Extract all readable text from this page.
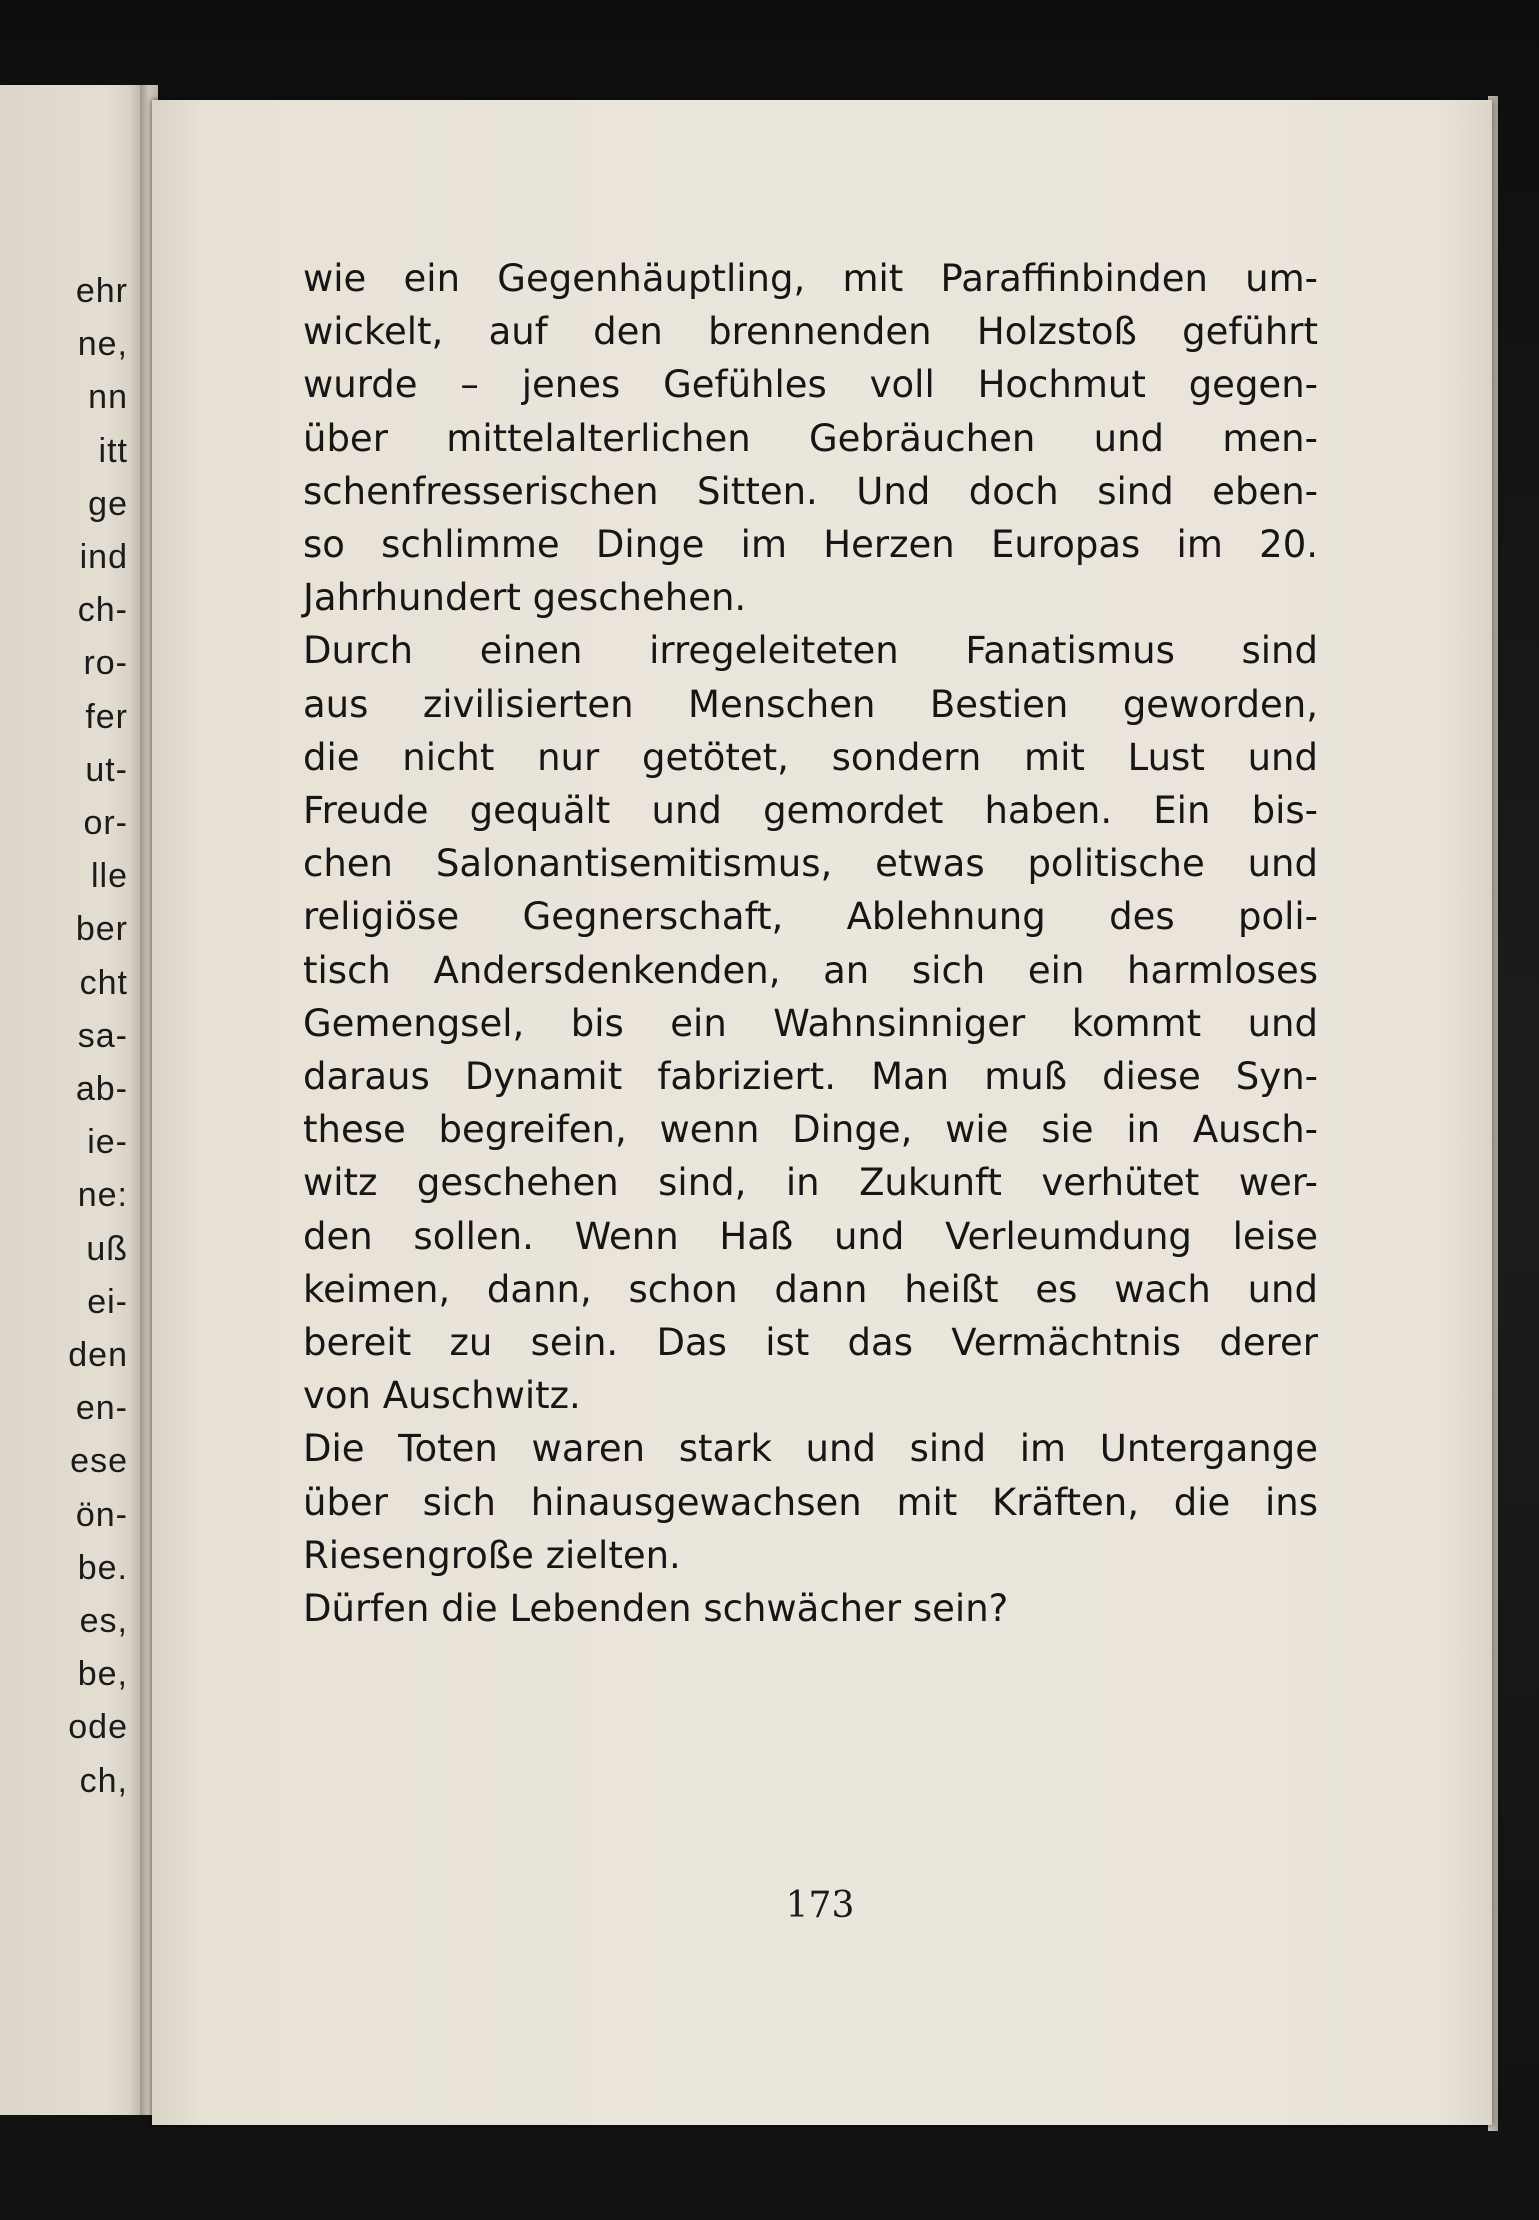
ehr
ne,
nn
itt
ge
ind
ch-
ro-
fer
ut-
or-
lle
ber
cht
sa-
ab-
ie-
ne:
uß
ei-
den
en-
ese
ön-
be.
es,
be,
ode
ch,
wie ein Gegenhäuptling, mit Paraffinbinden um-
wickelt, auf den brennenden Holzstoß geführt
wurde – jenes Gefühles voll Hochmut gegen-
über mittelalterlichen Gebräuchen und men-
schenfresserischen Sitten. Und doch sind eben-
so schlimme Dinge im Herzen Europas im 20.
Jahrhundert geschehen.
Durch einen irregeleiteten Fanatismus sind
aus zivilisierten Menschen Bestien geworden,
die nicht nur getötet, sondern mit Lust und
Freude gequält und gemordet haben. Ein bis-
chen Salonantisemitismus, etwas politische und
religiöse Gegnerschaft, Ablehnung des poli-
tisch Andersdenkenden, an sich ein harmloses
Gemengsel, bis ein Wahnsinniger kommt und
daraus Dynamit fabriziert. Man muß diese Syn-
these begreifen, wenn Dinge, wie sie in Ausch-
witz geschehen sind, in Zukunft verhütet wer-
den sollen. Wenn Haß und Verleumdung leise
keimen, dann, schon dann heißt es wach und
bereit zu sein. Das ist das Vermächtnis derer
von Auschwitz.
Die Toten waren stark und sind im Untergange
über sich hinausgewachsen mit Kräften, die ins
Riesengroße zielten.
Dürfen die Lebenden schwächer sein?
173
